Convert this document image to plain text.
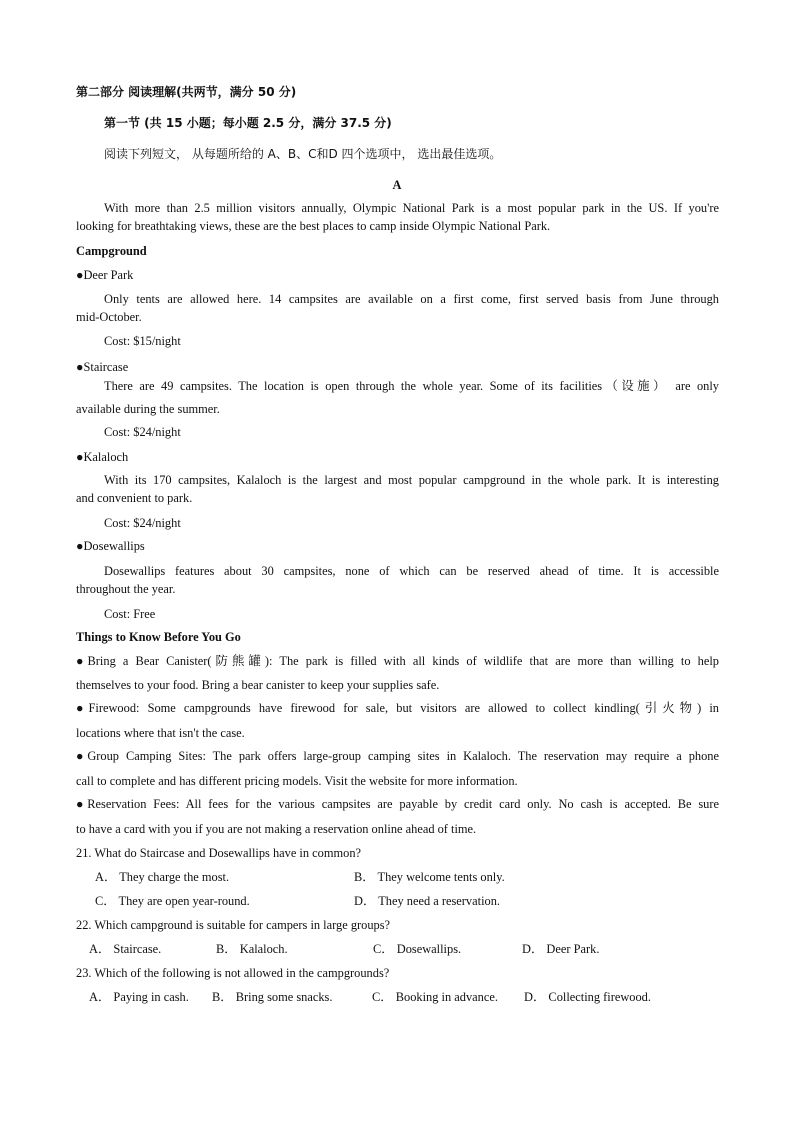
第二部分 阅读理解(共两节，满分 50 分)
第一节 (共 15 小题；每小题 2.5 分，满分 37.5 分)
阅读下列短文， 从每题所给的 A、B、C和D 四个选项中， 选出最佳选项。
A
With more than 2.5 million visitors annually, Olympic National Park is a most popular park in the US. If you're
looking for breathtaking views, these are the best places to camp inside Olympic National Park.
Campground
●Deer Park
Only tents are allowed here. 14 campsites are available on a first come, first served basis from June through
mid-October.
Cost: $15/night
●Staircase
There are 49 campsites. The location is open through the whole year. Some of its facilities（设施） are only
available during the summer.
Cost: $24/night
●Kalaloch
With its 170 campsites, Kalaloch is the largest and most popular campground in the whole park. It is interesting
and convenient to park.
Cost: $24/night
●Dosewallips
Dosewallips features about 30 campsites, none of which can be reserved ahead of time. It is accessible
throughout the year.
Cost: Free
Things to Know Before You Go
●Bring a Bear Canister(防熊罐): The park is filled with all kinds of wildlife that are more than willing to help
themselves to your food. Bring a bear canister to keep your supplies safe.
●Firewood: Some campgrounds have firewood for sale, but visitors are allowed to collect kindling(引火物) in
locations where that isn't the case.
●Group Camping Sites: The park offers large-group camping sites in Kalaloch. The reservation may require a phone
call to complete and has different pricing models. Visit the website for more information.
●Reservation Fees: All fees for the various campsites are payable by credit card only. No cash is accepted. Be sure
to have a card with you if you are not making a reservation online ahead of time.
21. What do Staircase and Dosewallips have in common?
A． They charge the most.	B． They welcome tents only.
C． They are open year-round.	D． They need a reservation.
22. Which campground is suitable for campers in large groups?
A． Staircase.	B． Kalaloch.	C． Dosewallips.	D． Deer Park.
23. Which of the following is not allowed in the campgrounds?
A． Paying in cash. B． Bring some snacks.	C． Booking in advance. D． Collecting firewood.
